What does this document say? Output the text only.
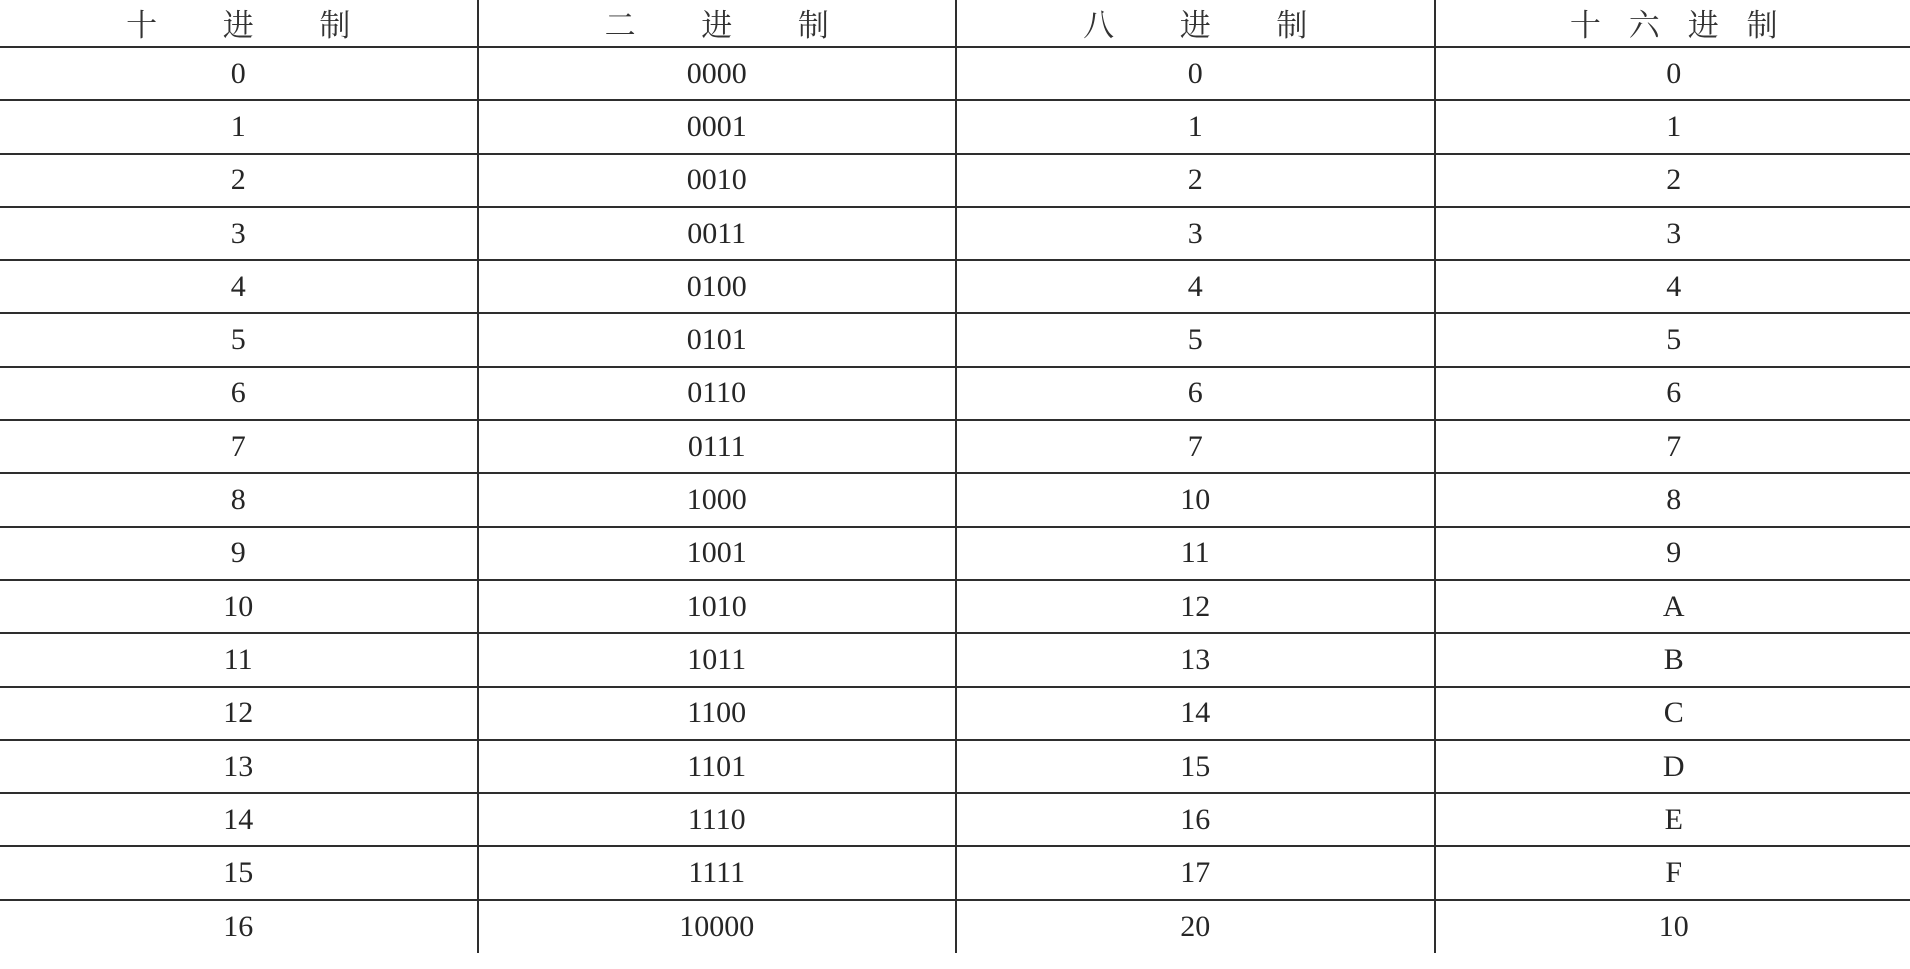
十 进 制	二 进 制	八 进 制	十六进制
0	0000	0	0
1	0001	1	1
2	0010	2	2
3	0011	3	3
4	0100	4	4
5	0101	5	5
6	0110	6	6
7	0111	7	7
8	1000	10	8
9	1001	11	9
10	1010	12	A
11	1011	13	B
12	1100	14	C
13	1101	15	D
14	1110	16	E
15	1111	17	F
16	10000	20	10
